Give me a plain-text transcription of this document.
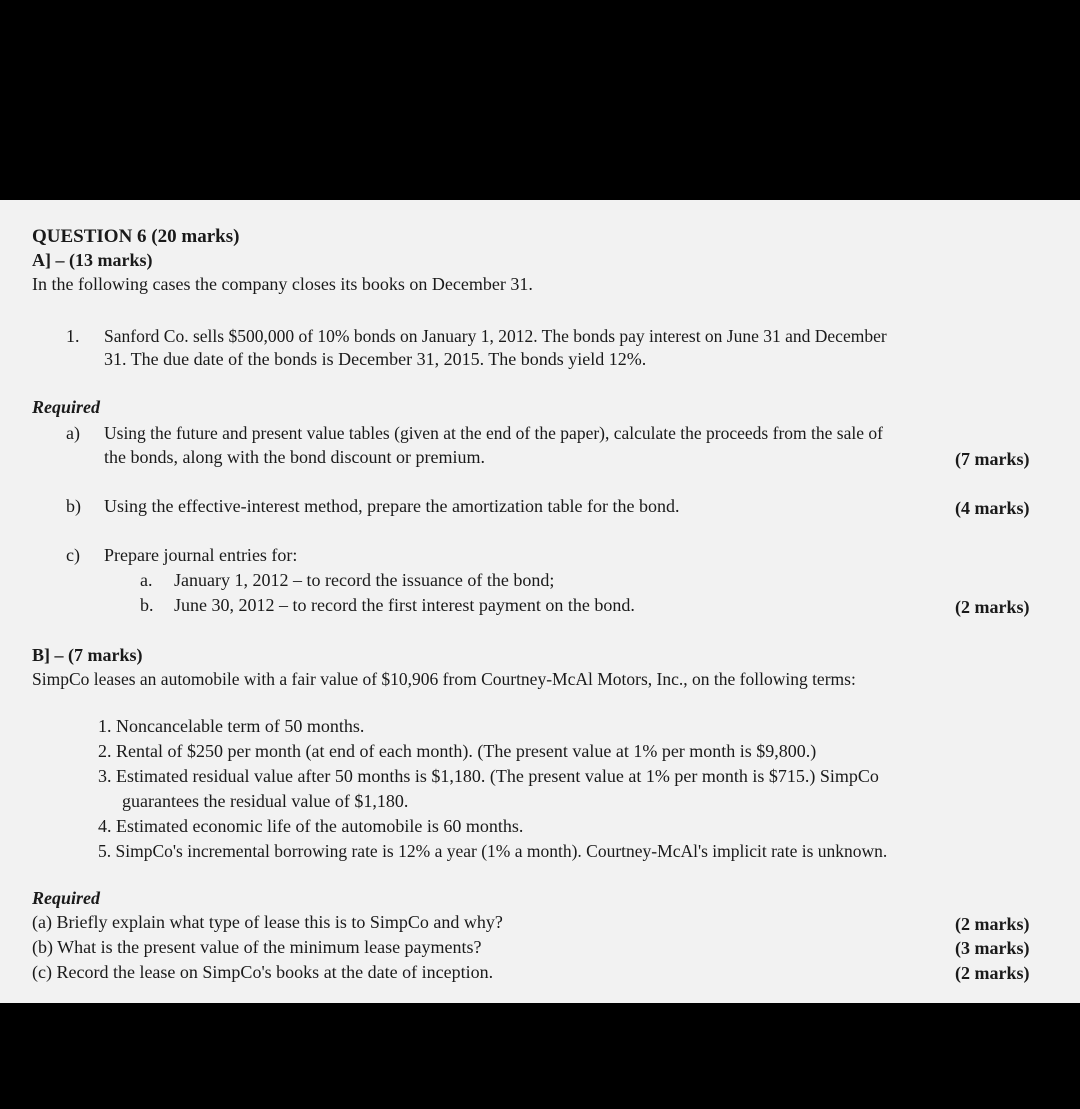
QUESTION 6 (20 marks)
A] – (13 marks)
In the following cases the company closes its books on December 31.
1. Sanford Co. sells $500,000 of 10% bonds on January 1, 2012. The bonds pay interest on June 31 and December
31. The due date of the bonds is December 31, 2015. The bonds yield 12%.
Required
a) Using the future and present value tables (given at the end of the paper), calculate the proceeds from the sale of
the bonds, along with the bond discount or premium.	(7 marks)
b) Using the effective-interest method, prepare the amortization table for the bond.	(4 marks)
c) Prepare journal entries for:
a. January 1, 2012 – to record the issuance of the bond;
b. June 30, 2012 – to record the first interest payment on the bond.	(2 marks)
B] – (7 marks)
SimpCo leases an automobile with a fair value of $10,906 from Courtney-McAl Motors, Inc., on the following terms:
1. Noncancelable term of 50 months.
2. Rental of $250 per month (at end of each month). (The present value at 1% per month is $9,800.)
3. Estimated residual value after 50 months is $1,180. (The present value at 1% per month is $715.) SimpCo
guarantees the residual value of $1,180.
4. Estimated economic life of the automobile is 60 months.
5. SimpCo's incremental borrowing rate is 12% a year (1% a month). Courtney-McAl's implicit rate is unknown.
Required
(a) Briefly explain what type of lease this is to SimpCo and why?	(2 marks)
(b) What is the present value of the minimum lease payments?	(3 marks)
(c) Record the lease on SimpCo's books at the date of inception.	(2 marks)
